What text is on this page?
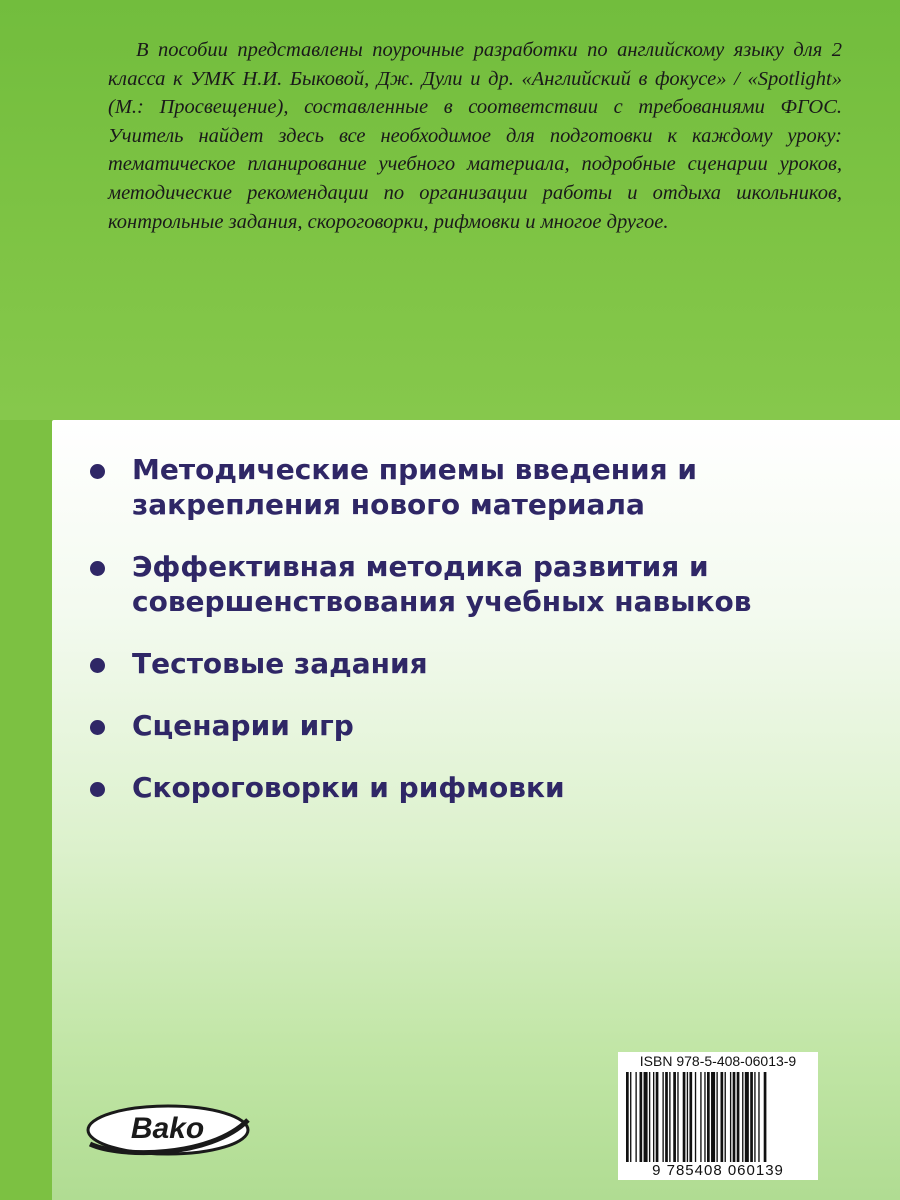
В пособии представлены поурочные разработки по английскому языку для 2 класса к УМК Н.И. Быковой, Дж. Дули и др. «Английский в фокусе» / «Spotlight» (М.: Просвещение), составленные в соответствии с требованиями ФГОС. Учитель найдет здесь все необходимое для подготовки к каждому уроку: тематическое планирование учебного материала, подробные сценарии уроков, методические рекомендации по организации работы и отдыха школьников, контрольные задания, скороговорки, рифмовки и многое другое.

Методические приемы введения и закрепления нового материала
Эффективная методика развития и совершенствования учебных навыков
Тестовые задания
Сценарии игр
Скороговорки и рифмовки
Bako
ISBN 978-5-408-06013-9
9 785408 060139
